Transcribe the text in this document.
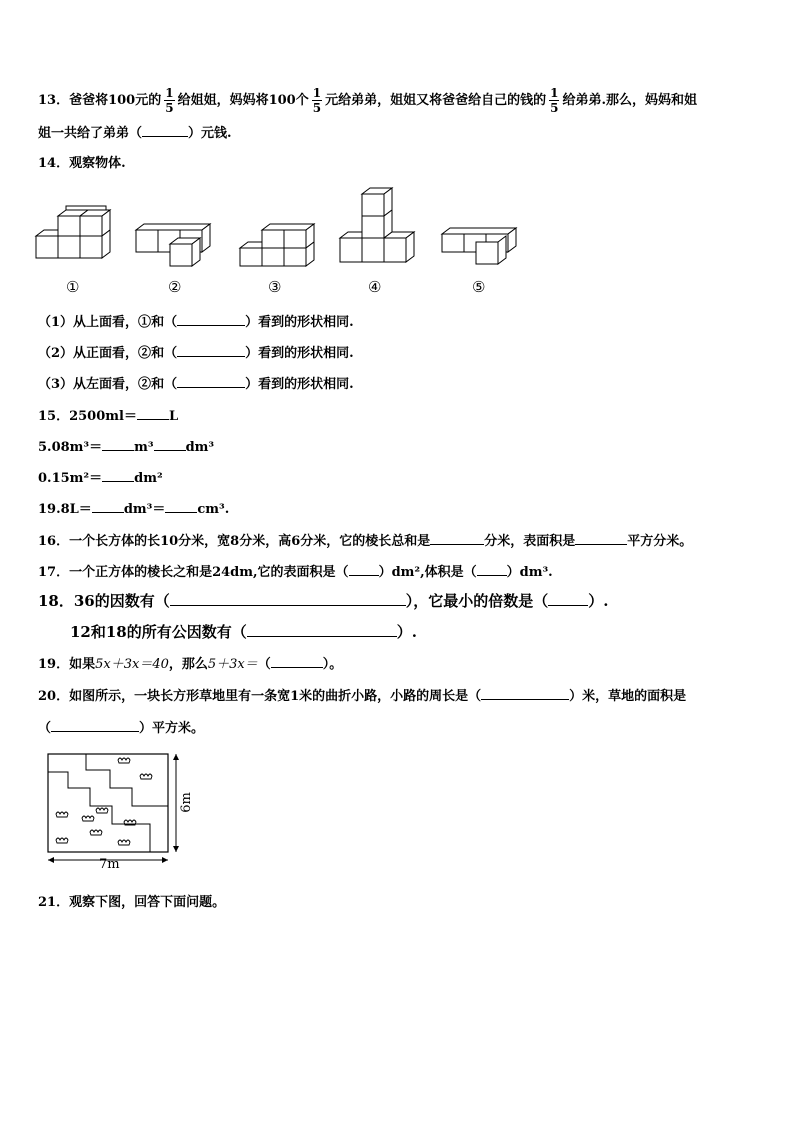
13．爸爸将100元的 $\frac{1}{5}$ 给姐姐，妈妈将100个 $\frac{1}{5}$ 元给弟弟，姐姐又将爸爸给自己的钱的 $\frac{1}{5}$ 给弟弟.那么，妈妈和姐
姐一共给了弟弟（	）元钱.
14．观察物体.
①	②	③	④	⑤
（1）从上面看，①和（	）看到的形状相同.
（2）从正面看，②和（	）看到的形状相同.
（3）从左面看，②和（	）看到的形状相同.
15．2500ml＝ L
5.08m³＝ m³ dm³
0.15m²＝ dm²
19.8L＝ dm³＝ cm³.
16．一个长方体的长10分米，宽8分米，高6分米，它的棱长总和是	分米，表面积是	平方分米。
17．一个正方体的棱长之和是24dm,它的表面积是（ ）dm²,体积是（ ）dm³.
18．36的因数有（	），它最小的倍数是（	）.
12和18的所有公因数有（	）.
19．如果5x＋3x＝40，那么5＋3x＝（	）。
20．如图所示，一块长方形草地里有一条宽1米的曲折小路，小路的周长是（	）米，草地的面积是
（	）平方米。
6m
7m
21．观察下图，回答下面问题。
